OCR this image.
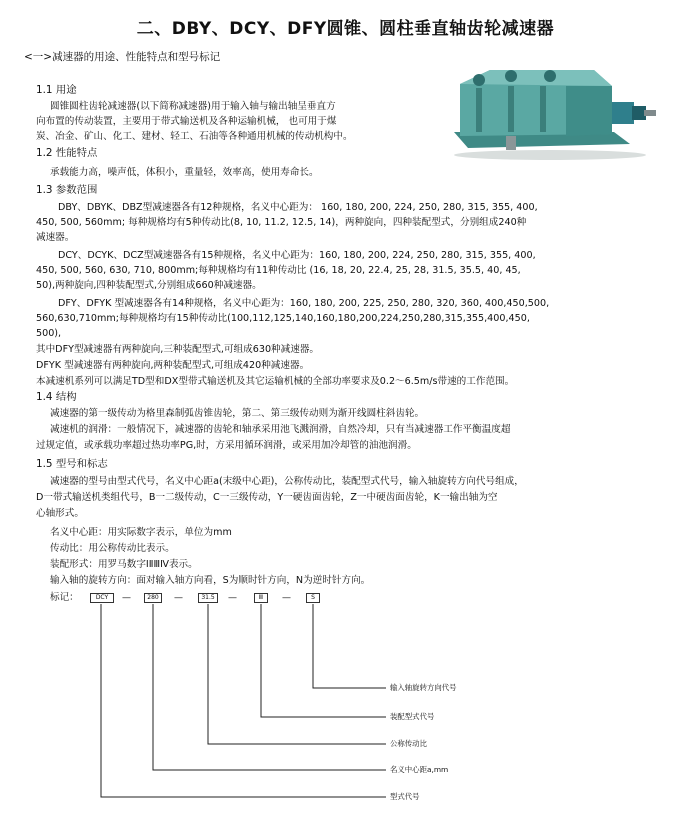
二、DBY、DCY、DFY圆锥、圆柱垂直轴齿轮减速器
<一>减速器的用途、性能特点和型号标记
1.1 用途
圆锥圆柱齿轮减速器(以下简称减速器)用于输入轴与输出轴呈垂直方
向布置的传动装置，主要用于带式输送机及各种运输机械， 也可用于煤
炭、冶金、矿山、化工、建材、轻工、石油等各种通用机械的传动机构中。
1.2 性能特点
承载能力高，噪声低，体积小，重量轻，效率高，使用寿命长。
1.3 参数范围
DBY、DBYK、DBZ型减速器各有12种规格，名义中心距为： 160, 180, 200, 224, 250, 280, 315, 355, 400,
450, 500, 560mm; 每种规格均有5种传动比(8, 10, 11.2, 12.5, 14)，两种旋向，四种装配型式，分别组成240种
减速器。
DCY、DCYK、DCZ型减速器各有15种规格，名义中心距为：160, 180, 200, 224, 250, 280, 315, 355, 400,
450, 500, 560, 630, 710, 800mm;每种规格均有11种传动比 (16, 18, 20, 22.4, 25, 28, 31.5, 35.5, 40, 45,
50),两种旋向,四种装配型式,分别组成660种减速器。
DFY、DFYK 型减速器各有14种规格，名义中心距为：160, 180, 200, 225, 250, 280, 320, 360, 400,450,500,
560,630,710mm;每种规格均有15种传动比(100,112,125,140,160,180,200,224,250,280,315,355,400,450,
500),
其中DFY型减速器有两种旋向,三种装配型式,可组成630种减速器。
DFYK 型减速器有两种旋向,两种装配型式,可组成420种减速器。
本减速机系列可以满足TD型和DX型带式输送机及其它运输机械的全部功率要求及0.2～6.5m/s带速的工作范围。
1.4 结构
减速器的第一级传动为格里森制弧齿锥齿轮，第二、第三级传动则为渐开线圆柱斜齿轮。
减速机的润滑：一般情况下，减速器的齿轮和轴承采用池飞溅润滑，自然冷却，只有当减速器工作平衡温度超
过规定值，或承载功率超过热功率PG,时，方采用循环润滑，或采用加冷却管的油池润滑。
1.5 型号和标志
减速器的型号由型式代号，名义中心距a(末级中心距)，公称传动比，装配型式代号，输入轴旋转方向代号组成，
D一带式输送机类组代号，B一二级传动，C一三级传动，Y一硬齿面齿轮，Z一中硬齿面齿轮，K一输出轴为空
心轴形式。
名义中心距：用实际数字表示，单位为mm
传动比：用公称传动比表示。
装配形式：用罗马数字ⅠⅡⅢⅣ表示。
输入轴的旋转方向：面对输入轴方向看，S为顺时针方向，N为逆时针方向。
标记：	DCY	—	280	—	31.5	—	Ⅲ	—	S
输入轴旋转方向代号
装配型式代号
公称传动比
名义中心距a,mm
型式代号
